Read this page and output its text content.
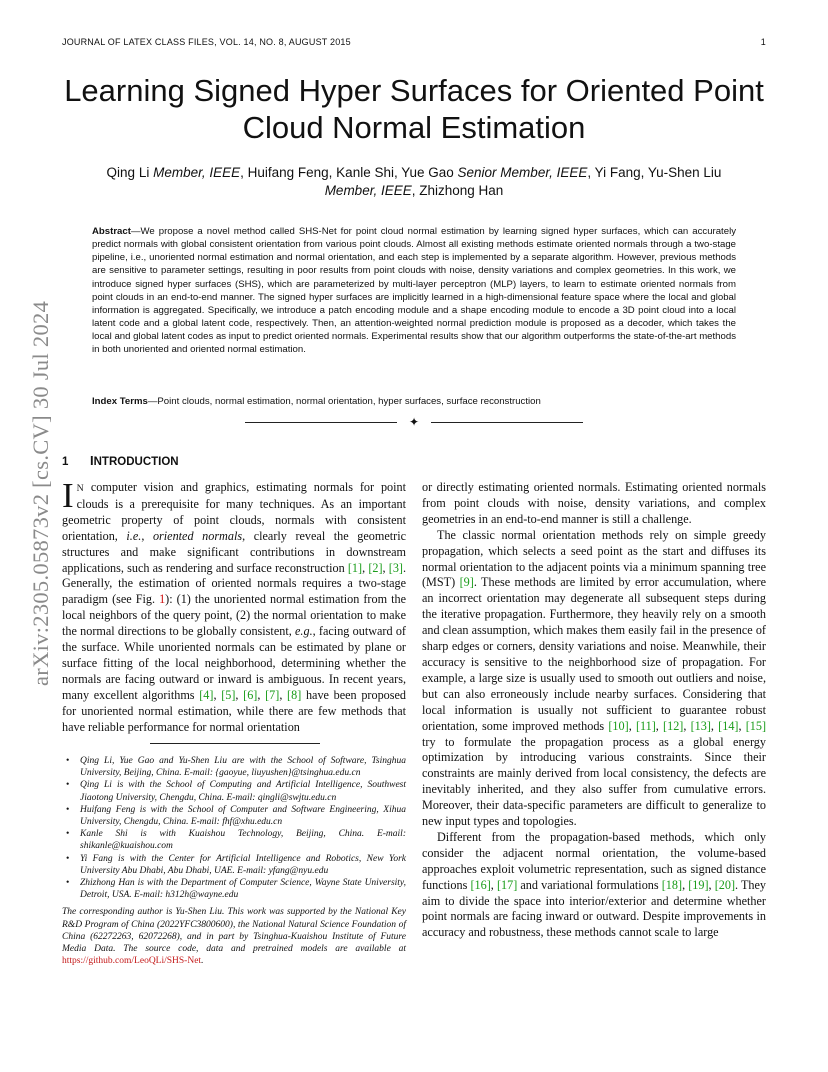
JOURNAL OF LATEX CLASS FILES, VOL. 14, NO. 8, AUGUST 2015	1
arXiv:2305.05873v2 [cs.CV] 30 Jul 2024
Learning Signed Hyper Surfaces for Oriented Point Cloud Normal Estimation
Qing Li Member, IEEE, Huifang Feng, Kanle Shi, Yue Gao Senior Member, IEEE, Yi Fang, Yu-Shen Liu Member, IEEE, Zhizhong Han
Abstract—We propose a novel method called SHS-Net for point cloud normal estimation by learning signed hyper surfaces, which can accurately predict normals with global consistent orientation from various point clouds. Almost all existing methods estimate oriented normals through a two-stage pipeline, i.e., unoriented normal estimation and normal orientation, and each step is implemented by a separate algorithm. However, previous methods are sensitive to parameter settings, resulting in poor results from point clouds with noise, density variations and complex geometries. In this work, we introduce signed hyper surfaces (SHS), which are parameterized by multi-layer perceptron (MLP) layers, to learn to estimate oriented normals from point clouds in an end-to-end manner. The signed hyper surfaces are implicitly learned in a high-dimensional feature space where the local and global information is aggregated. Specifically, we introduce a patch encoding module and a shape encoding module to encode a 3D point cloud into a local latent code and a global latent code, respectively. Then, an attention-weighted normal prediction module is proposed as a decoder, which takes the local and global latent codes as input to predict oriented normals. Experimental results show that our algorithm outperforms the state-of-the-art methods in both unoriented and oriented normal estimation.
Index Terms—Point clouds, normal estimation, normal orientation, hyper surfaces, surface reconstruction
✦
1 INTRODUCTION

I N computer vision and graphics, estimating normals for point clouds is a prerequisite for many techniques. As an important geometric property of point clouds, normals with consistent orientation, i.e., oriented normals, clearly reveal the geometric structures and make significant contributions in downstream applications, such as rendering and surface reconstruction [1], [2], [3]. Generally, the estimation of oriented normals requires a two-stage paradigm (see Fig. 1): (1) the unoriented normal estimation from the local neighbors of the query point, (2) the normal orientation to make the normal directions to be globally consistent, e.g., facing outward of the surface. While unoriented normals can be estimated by plane or surface fitting of the local neighborhood, determining whether the normals are facing outward or inward is ambiguous. In recent years, many excellent algorithms [4], [5], [6], [7], [8] have been proposed for unoriented normal estimation, while there are few methods that have reliable performance for normal orientation

• Qing Li, Yue Gao and Yu-Shen Liu are with the School of Software, Tsinghua University, Beijing, China. E-mail: {gaoyue, liuyushen}@tsinghua.edu.cn
• Qing Li is with the School of Computing and Artificial Intelligence, Southwest Jiaotong University, Chengdu, China. E-mail: qingli@swjtu.edu.cn
• Huifang Feng is with the School of Computer and Software Engineering, Xihua University, Chengdu, China. E-mail: fhf@xhu.edu.cn
• Kanle Shi is with Kuaishou Technology, Beijing, China. E-mail: shikanle@kuaishou.com
• Yi Fang is with the Center for Artificial Intelligence and Robotics, New York University Abu Dhabi, Abu Dhabi, UAE. E-mail: yfang@nyu.edu
• Zhizhong Han is with the Department of Computer Science, Wayne State University, Detroit, USA. E-mail: h312h@wayne.edu
The corresponding author is Yu-Shen Liu. This work was supported by the National Key R&D Program of China (2022YFC3800600), the National Natural Science Foundation of China (62272263, 62072268), and in part by Tsinghua-Kuaishou Institute of Future Media Data. The source code, data and pretrained models are available at https://github.com/LeoQLi/SHS-Net.

or directly estimating oriented normals. Estimating oriented normals from point clouds with noise, density variations, and complex geometries in an end-to-end manner is still a challenge.

The classic normal orientation methods rely on simple greedy propagation, which selects a seed point as the start and diffuses its normal orientation to the adjacent points via a minimum spanning tree (MST) [9]. These methods are limited by error accumulation, where an incorrect orientation may degenerate all subsequent steps during the iterative propagation. Furthermore, they heavily rely on a smooth and clean assumption, which makes them easily fail in the presence of sharp edges or corners, density variations and noise. Meanwhile, their accuracy is sensitive to the neighborhood size of propagation. For example, a large size is usually used to smooth out outliers and noise, but can also erroneously include nearby surfaces. Considering that local information is usually not sufficient to guarantee robust orientation, some improved methods [10], [11], [12], [13], [14], [15] try to formulate the propagation process as a global energy optimization by introducing various constraints. Since their constraints are mainly derived from local consistency, the defects are inevitably inherited, and they also suffer from cumulative errors. Moreover, their data-specific parameters are difficult to generalize to new input types and topologies.

Different from the propagation-based methods, which only consider the adjacent normal orientation, the volume-based approaches exploit volumetric representation, such as signed distance functions [16], [17] and variational formulations [18], [19], [20]. They aim to divide the space into interior/exterior and determine whether point normals are facing inward or outward. Despite improvements in accuracy and robustness, these methods cannot scale to large
